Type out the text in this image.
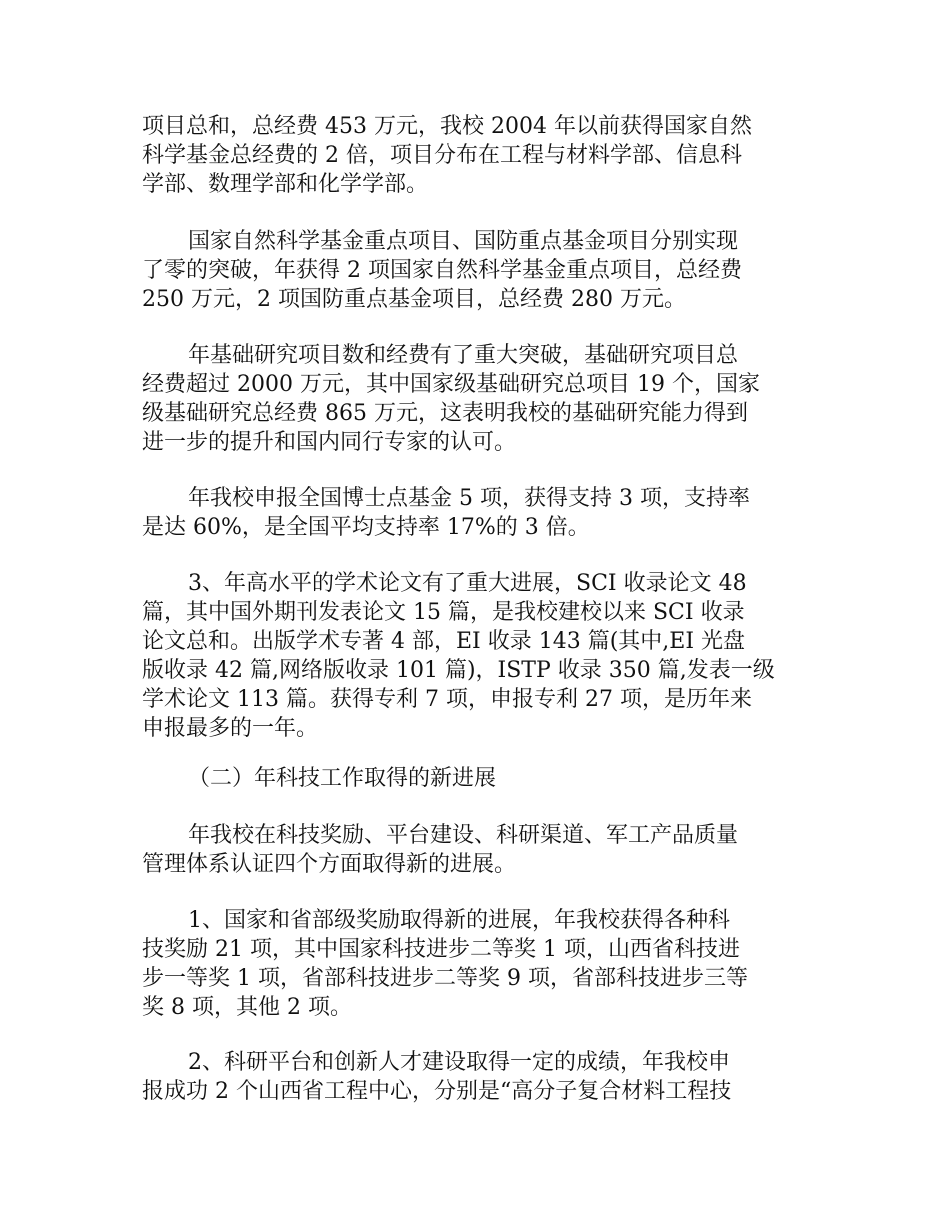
项目总和，总经费 453 万元，我校 2004 年以前获得国家自然
科学基金总经费的 2 倍，项目分布在工程与材料学部、信息科
学部、数理学部和化学学部。
国家自然科学基金重点项目、国防重点基金项目分别实现
了零的突破，年获得 2 项国家自然科学基金重点项目，总经费
250 万元，2 项国防重点基金项目，总经费 280 万元。
年基础研究项目数和经费有了重大突破，基础研究项目总
经费超过 2000 万元，其中国家级基础研究总项目 19 个，国家
级基础研究总经费 865 万元，这表明我校的基础研究能力得到
进一步的提升和国内同行专家的认可。
年我校申报全国博士点基金 5 项，获得支持 3 项，支持率
是达 60%，是全国平均支持率 17%的 3 倍。
3、年高水平的学术论文有了重大进展，SCI 收录论文 48
篇，其中国外期刊发表论文 15 篇，是我校建校以来 SCI 收录
论文总和。出版学术专著 4 部，EI 收录 143 篇(其中,EI 光盘
版收录 42 篇,网络版收录 101 篇)，ISTP 收录 350 篇,发表一级
学术论文 113 篇。获得专利 7 项，申报专利 27 项，是历年来
申报最多的一年。
（二）年科技工作取得的新进展
年我校在科技奖励、平台建设、科研渠道、军工产品质量
管理体系认证四个方面取得新的进展。
1、国家和省部级奖励取得新的进展，年我校获得各种科
技奖励 21 项，其中国家科技进步二等奖 1 项，山西省科技进
步一等奖 1 项，省部科技进步二等奖 9 项，省部科技进步三等
奖 8 项，其他 2 项。
2、科研平台和创新人才建设取得一定的成绩，年我校申
报成功 2 个山西省工程中心，分别是“高分子复合材料工程技
